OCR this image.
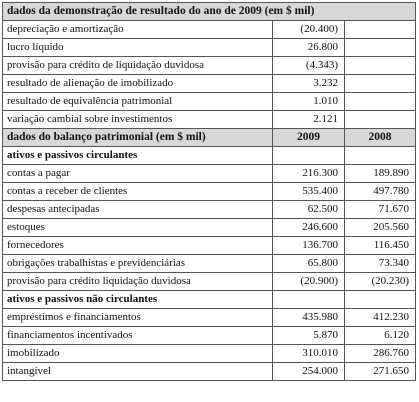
dados da demonstração de resultado do ano de 2009 (em $ mil)		
depreciação e amortização	(20.400)	
lucro líquido	26.800	
provisão para crédito de liquidação duvidosa	(4.343)	
resultado de alienação de imobilizado	3.232	
resultado de equivalência patrimonial	1.010	
variação cambial sobre investimentos	2.121	
dados do balanço patrimonial (em $ mil)	2009	2008
ativos e passivos circulantes		
contas a pagar	216.300	189.890
contas a receber de clientes	535.400	497.780
despesas antecipadas	62.500	71.670
estoques	246.600	205.560
fornecedores	136.700	116.450
obrigações trabalhistas e previdenciárias	65.800	73.340
provisão para crédito liquidação duvidosa	(20.900)	(20.230)
ativos e passivos não circulantes		
empréstimos e financiamentos	435.980	412.230
financiamentos incentivados	5.870	6.120
imobilizado	310.010	286.760
intangível	254.000	271.650
